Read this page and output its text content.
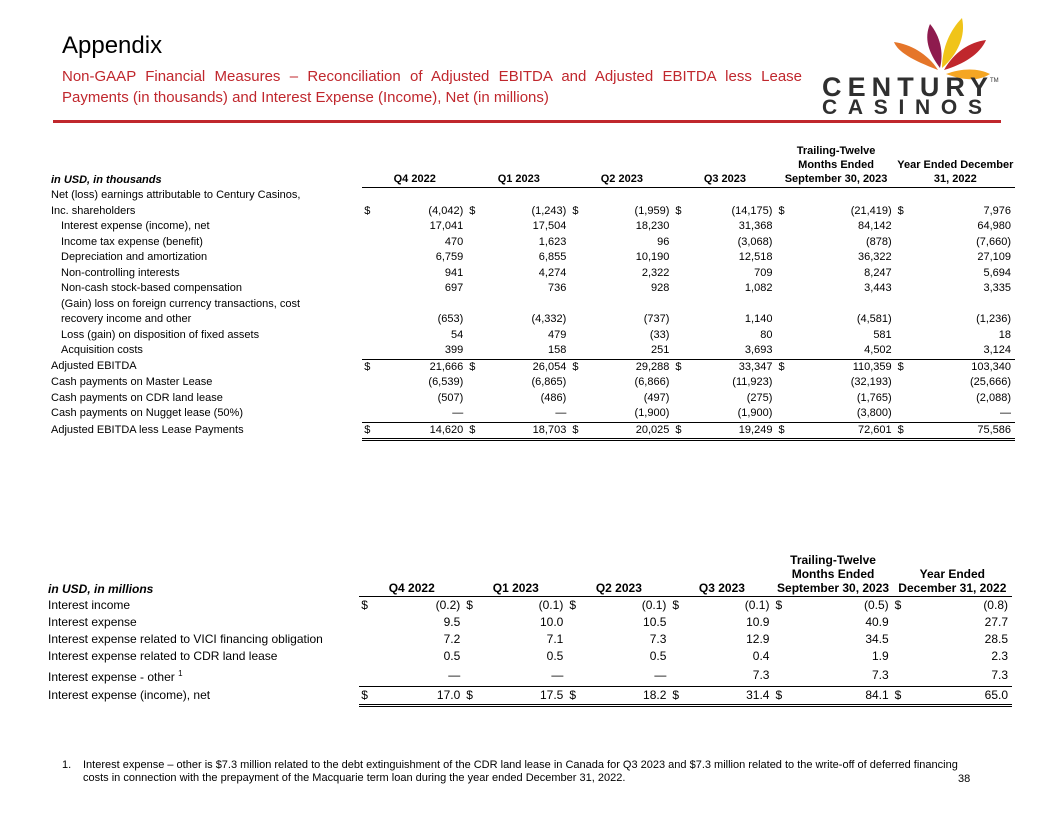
Appendix
Non-GAAP Financial Measures – Reconciliation of Adjusted EBITDA and Adjusted EBITDA less Lease Payments (in thousands) and Interest Expense (Income), Net (in millions)	CENTURY
CASINOS
TM
in USD, in thousands	Q4 2022		Q1 2023		Q2 2023		Q3 2023		Trailing-Twelve Months Ended September 30, 2023		Year Ended December 31, 2022	
Net (loss) earnings attributable to Century Casinos,												
Inc. shareholders	$	(4,042)	$	(1,243)	$	(1,959)	$	(14,175)	$	(21,419)	$	7,976
Interest expense (income), net		17,041		17,504		18,230		31,368		84,142		64,980
Income tax expense (benefit)		470		1,623		96		(3,068)		(878)		(7,660)
Depreciation and amortization		6,759		6,855		10,190		12,518		36,322		27,109
Non-controlling interests		941		4,274		2,322		709		8,247		5,694
Non-cash stock-based compensation		697		736		928		1,082		3,443		3,335
(Gain) loss on foreign currency transactions, cost												
recovery income and other		(653)		(4,332)		(737)		1,140		(4,581)		(1,236)
Loss (gain) on disposition of fixed assets		54		479		(33)		80		581		18
Acquisition costs		399		158		251		3,693		4,502		3,124
Adjusted EBITDA	$	21,666	$	26,054	$	29,288	$	33,347	$	110,359	$	103,340
Cash payments on Master Lease		(6,539)		(6,865)		(6,866)		(11,923)		(32,193)		(25,666)
Cash payments on CDR land lease		(507)		(486)		(497)		(275)		(1,765)		(2,088)
Cash payments on Nugget lease (50%)		—		—		(1,900)		(1,900)		(3,800)		—
Adjusted EBITDA less Lease Payments	$	14,620	$	18,703	$	20,025	$	19,249	$	72,601	$	75,586
in USD, in millions	Q4 2022		Q1 2023		Q2 2023		Q3 2023		Trailing-Twelve Months Ended September 30, 2023		Year Ended December 31, 2022	
Interest income	$	(0.2)	$	(0.1)	$	(0.1)	$	(0.1)	$	(0.5)	$	(0.8)
Interest expense		9.5		10.0		10.5		10.9		40.9		27.7
Interest expense related to VICI financing obligation		7.2		7.1		7.3		12.9		34.5		28.5
Interest expense related to CDR land lease		0.5		0.5		0.5		0.4		1.9		2.3
Interest expense - other $^1$		—		—		—		7.3		7.3		7.3
Interest expense (income), net	$	17.0	$	17.5	$	18.2	$	31.4	$	84.1	$	65.0
1. Interest expense – other is $7.3 million related to the debt extinguishment of the CDR land lease in Canada for Q3 2023 and $7.3 million related to the write-off of deferred financing costs in connection with the prepayment of the Macquarie term loan during the year ended December 31, 2022.	38
